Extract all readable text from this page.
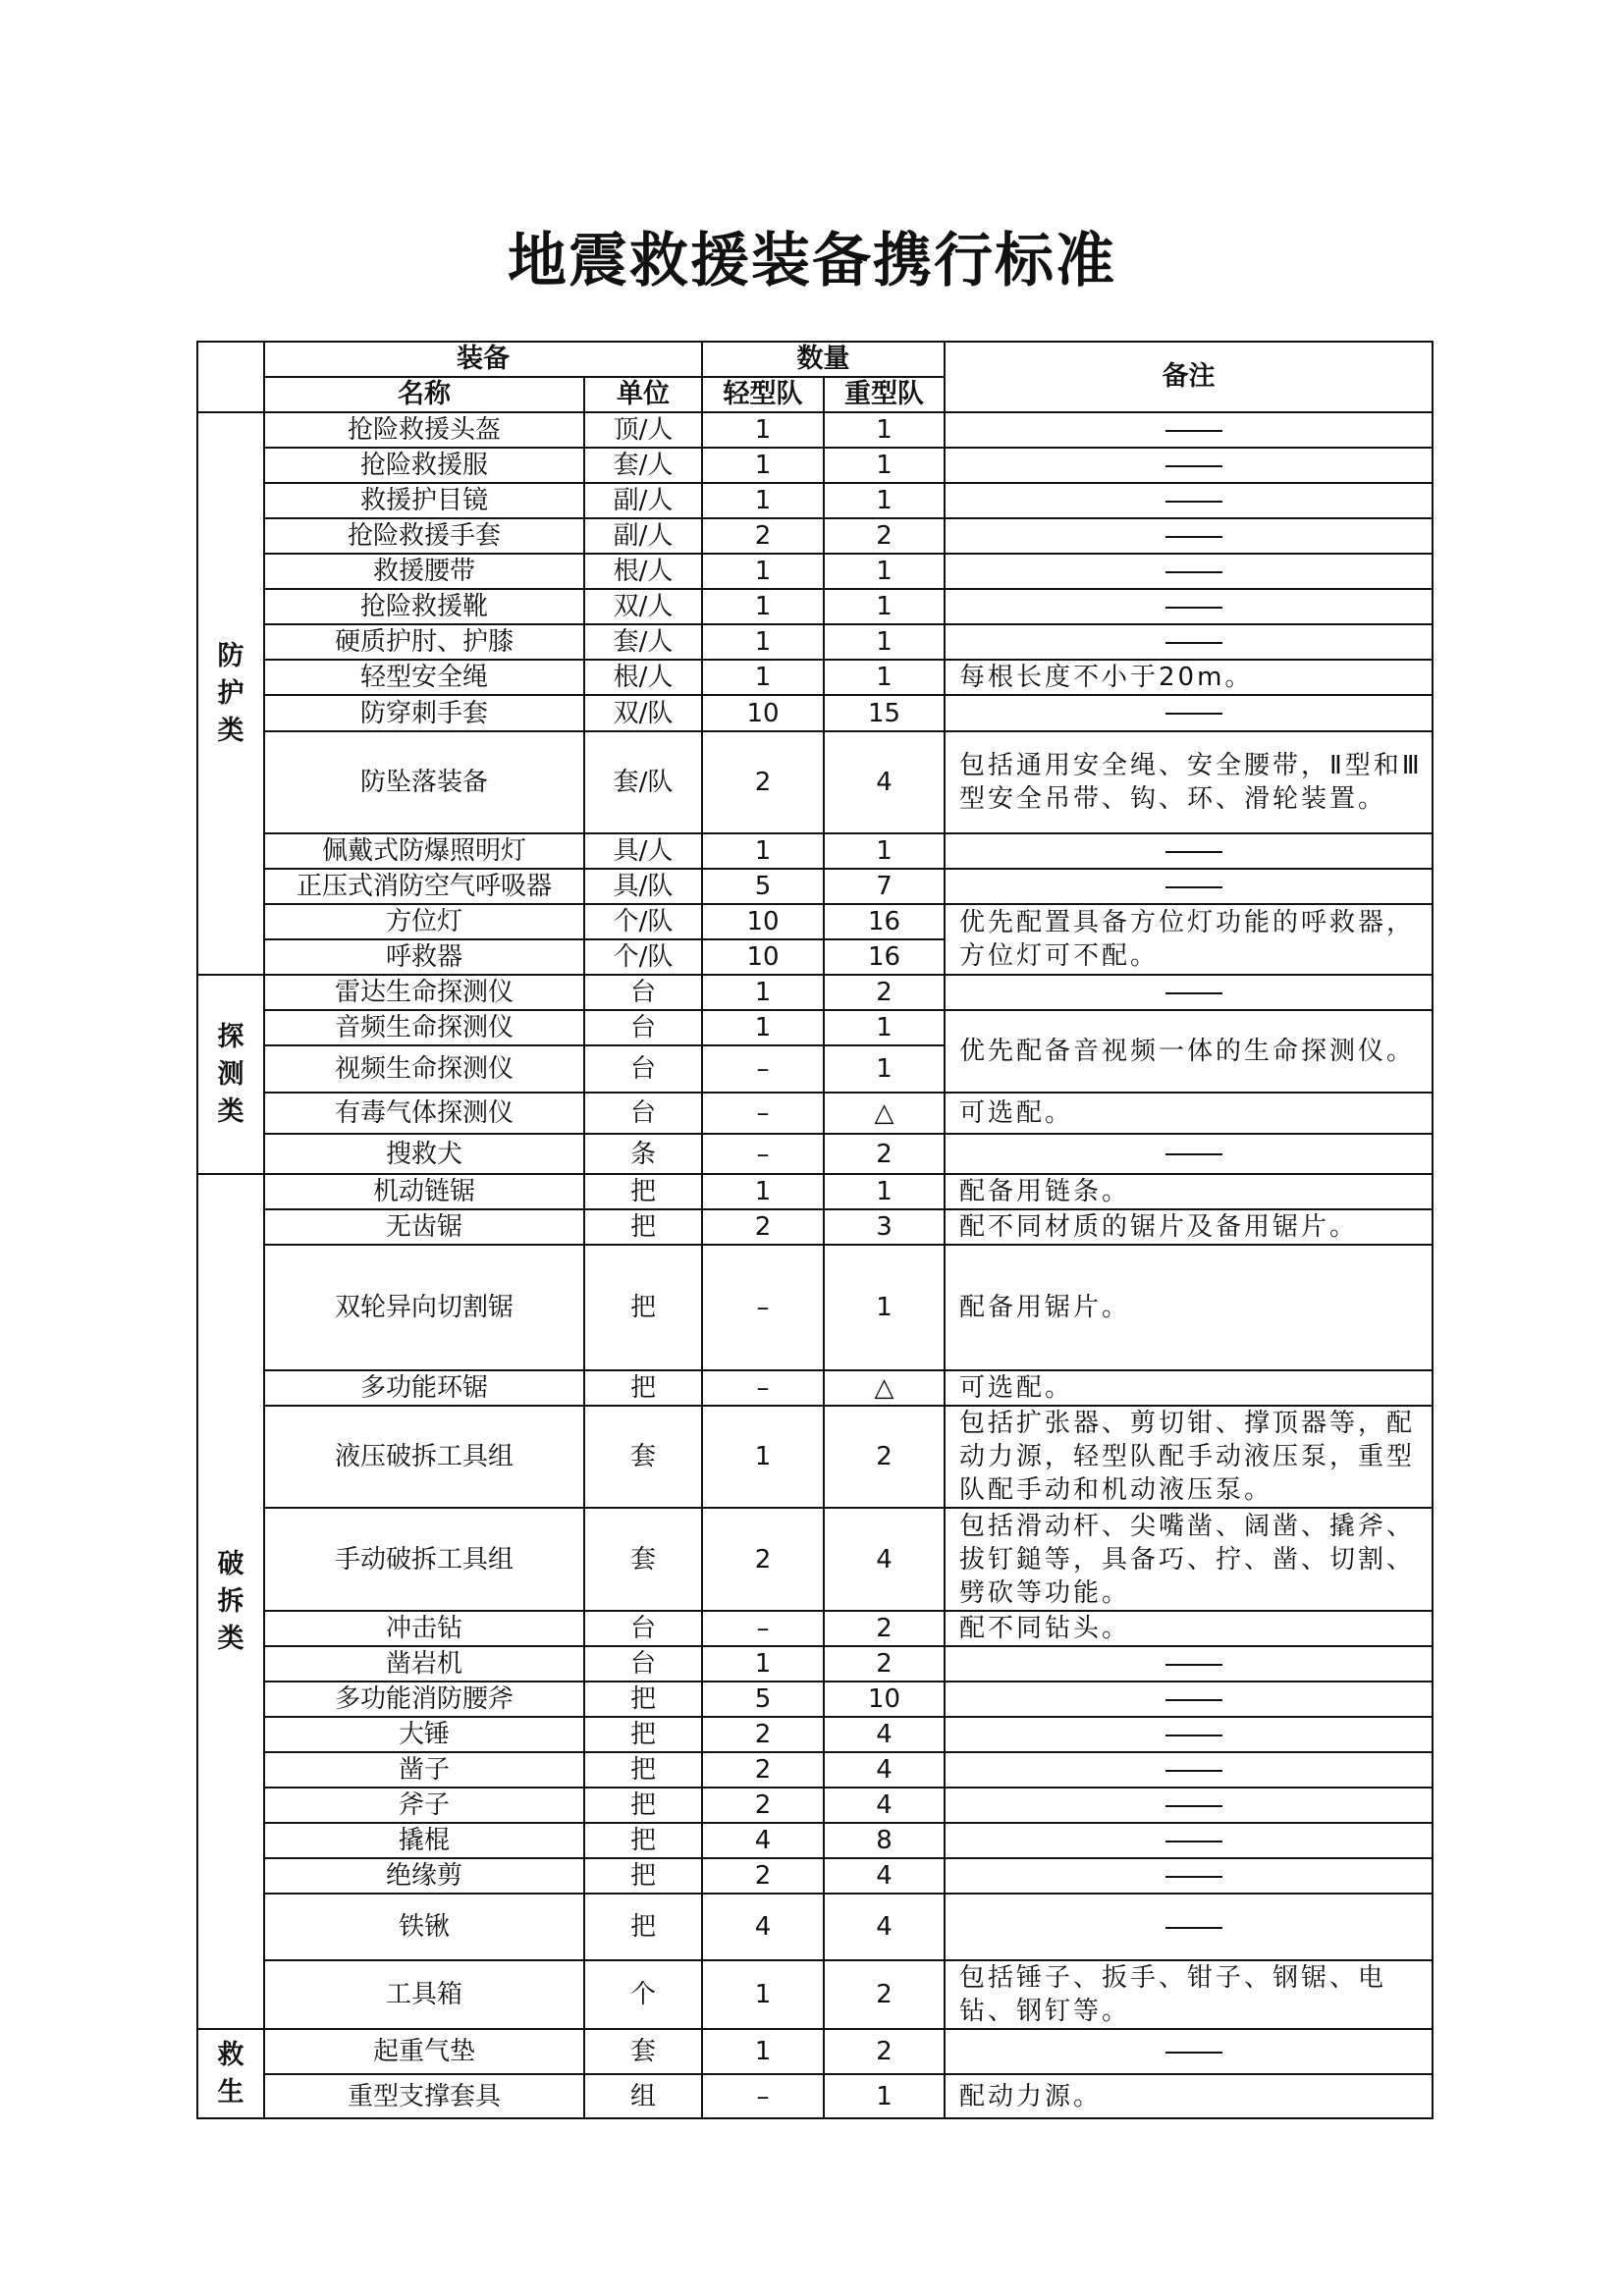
地震救援装备携行标准
	装备		数量		备注
	名称	单位	轻型队	重型队	
防护类	抢险救援头盔	顶/人	1	1	
	抢险救援服	套/人	1	1	
	救援护目镜	副/人	1	1	
	抢险救援手套	副/人	2	2	
	救援腰带	根/人	1	1	
	抢险救援靴	双/人	1	1	
	硬质护肘、护膝	套/人	1	1	
	轻型安全绳	根/人	1	1	每根长度不小于20m。
	防穿刺手套	双/队	10	15	
	防坠落装备	套/队	2	4	包括通用安全绳、安全腰带，Ⅱ型和Ⅲ型安全吊带、钩、环、滑轮装置。
	佩戴式防爆照明灯	具/人	1	1	
	正压式消防空气呼吸器	具/队	5	7	
	方位灯	个/队	10	16	优先配置具备方位灯功能的呼救器，方位灯可不配。
	呼救器	个/队	10	16	
探测类	雷达生命探测仪	台	1	2	
	音频生命探测仪	台	1	1	优先配备音视频一体的生命探测仪。
	视频生命探测仪	台	–	1	
	有毒气体探测仪	台	–	△	可选配。
	搜救犬	条	–	2	
破拆类	机动链锯	把	1	1	配备用链条。
	无齿锯	把	2	3	配不同材质的锯片及备用锯片。
	双轮异向切割锯	把	–	1	配备用锯片。
	多功能环锯	把	–	△	可选配。
	液压破拆工具组	套	1	2	包括扩张器、剪切钳、撑顶器等，配动力源，轻型队配手动液压泵，重型队配手动和机动液压泵。
	手动破拆工具组	套	2	4	包括滑动杆、尖嘴凿、阔凿、撬斧、拔钉鎚等，具备巧、拧、凿、切割、劈砍等功能。
	冲击钻	台	–	2	配不同钻头。
	凿岩机	台	1	2	
	多功能消防腰斧	把	5	10	
	大锤	把	2	4	
	凿子	把	2	4	
	斧子	把	2	4	
	撬棍	把	4	8	
	绝缘剪	把	2	4	
	铁锹	把	4	4	
	工具箱	个	1	2	包括锤子、扳手、钳子、钢锯、电钻、钢钉等。
救生	起重气垫	套	1	2	
	重型支撑套具	组	–	1	配动力源。
